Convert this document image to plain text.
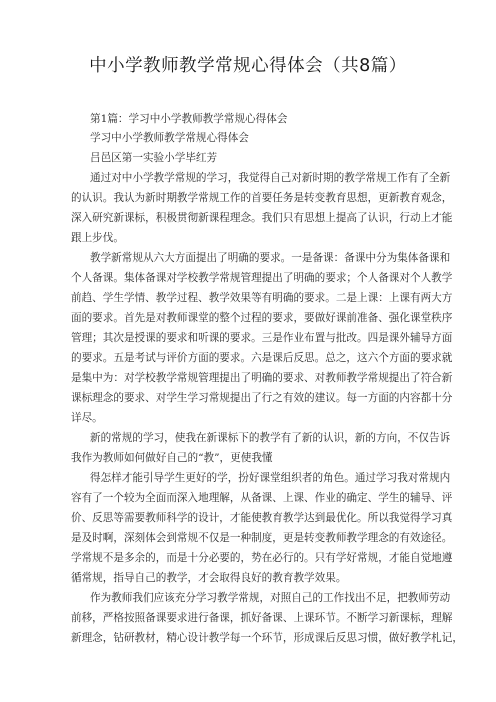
中小学教师教学常规心得体会（共8篇）
第1篇：学习中小学教师教学常规心得体会
学习中小学教师教学常规心得体会
吕邑区第一实验小学毕红芳
通过对中小学教学常规的学习，我觉得自己对新时期的教学常规工作有了全新
的认识。我认为新时期教学常规工作的首要任务是转变教育思想，更新教育观念，
深入研究新课标，积极贯彻新课程理念。我们只有思想上提高了认识，行动上才能
跟上步伐。
教学新常规从六大方面提出了明确的要求。一是备课：备课中分为集体备课和
个人备课。集体备课对学校教学常规管理提出了明确的要求；个人备课对个人教学
前趋、学生学情、教学过程、教学效果等有明确的要求。二是上课：上课有两大方
面的要求。首先是对教师课堂的整个过程的要求，要做好课前准备、强化课堂秩序
管理；其次是授课的要求和听课的要求。三是作业布置与批改。四是课外辅导方面
的要求。五是考试与评价方面的要求。六是课后反思。总之，这六个方面的要求就
是集中为：对学校教学常规管理提出了明确的要求、对教师教学常规提出了符合新
课标理念的要求、对学生学习常规提出了行之有效的建议。每一方面的内容都十分
详尽。
新的常规的学习，使我在新课标下的教学有了新的认识，新的方向，不仅告诉
我作为教师如何做好自己的“教”，更使我懂
得怎样才能引导学生更好的学，扮好课堂组织者的角色。通过学习我对常规内
容有了一个较为全面而深入地理解，从备课、上课、作业的确定、学生的辅导、评
价、反思等需要教师科学的设计，才能使教育教学达到最优化。所以我觉得学习真
是及时啊，深刻体会到常规不仅是一种制度，更是转变教师教学理念的有效途径。
学常规不是多余的，而是十分必要的，势在必行的。只有学好常规，才能自觉地遵
循常规，指导自己的教学，才会取得良好的教育教学效果。
作为教师我们应该充分学习教学常规，对照自己的工作找出不足，把教师劳动
前移，严格按照备课要求进行备课，抓好备课、上课环节。不断学习新课标，理解
新理念，钻研教材，精心设计教学每一个环节，形成课后反思习惯，做好教学札记，
